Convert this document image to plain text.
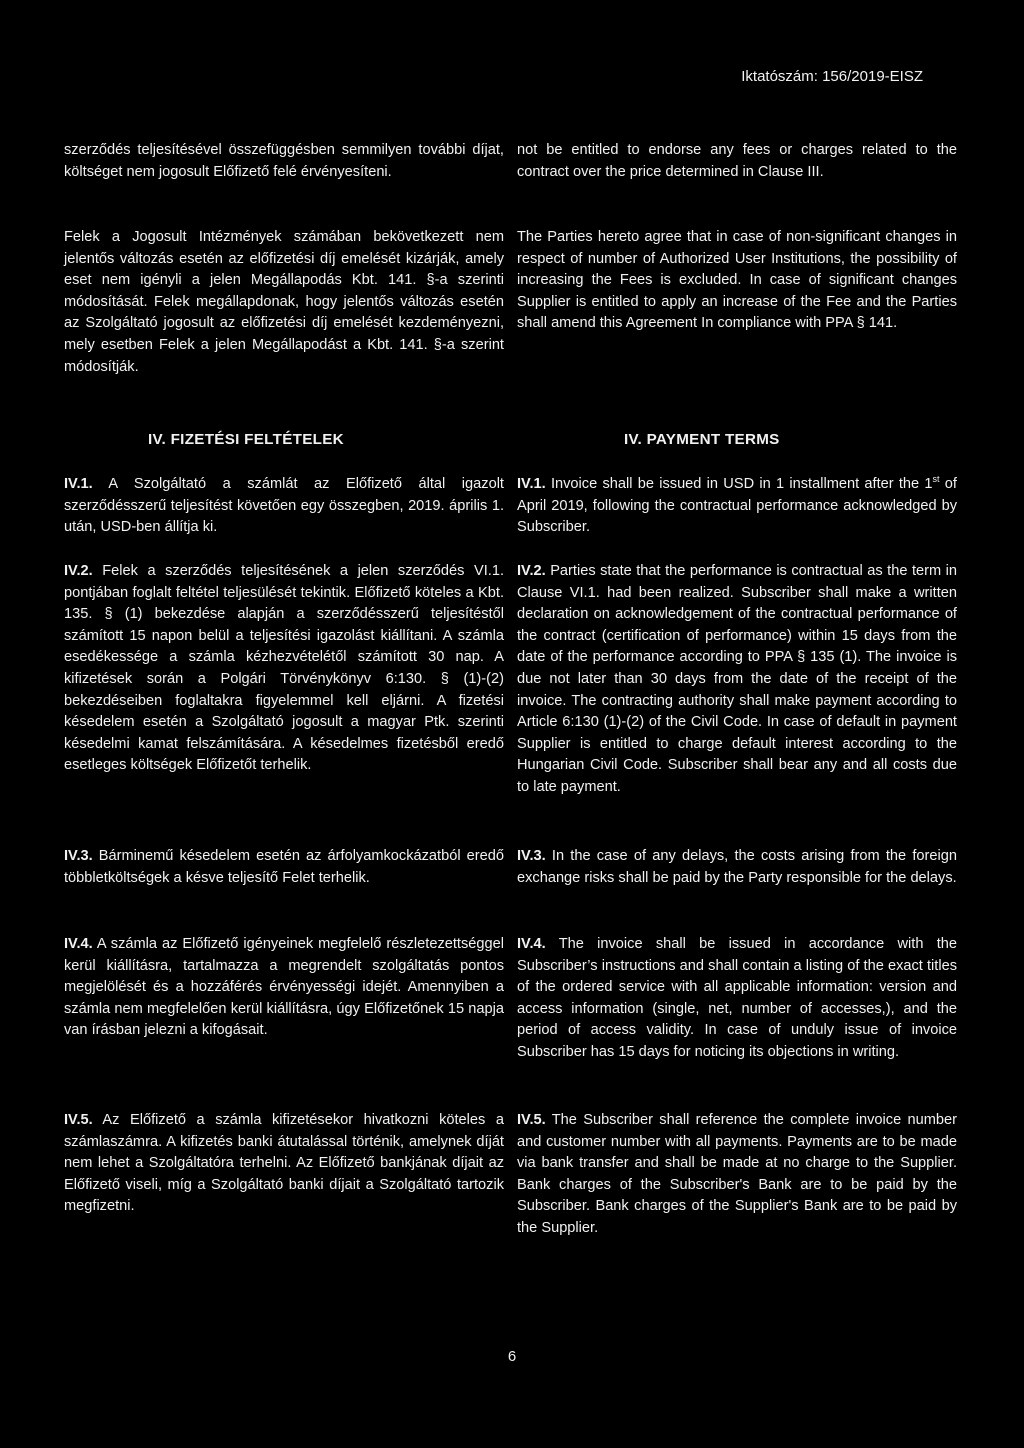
Iktatószám: 156/2019-EISZ

szerződés teljesítésével összefüggésben semmilyen további díjat, költséget nem jogosult Előfizető felé érvényesíteni.

Felek a Jogosult Intézmények számában bekövetkezett nem jelentős változás esetén az előfizetési díj emelését kizárják, amely eset nem igényli a jelen Megállapodás Kbt. 141. §-a szerinti módosítását. Felek megállapdonak, hogy jelentős változás esetén az Szolgáltató jogosult az előfizetési díj emelését kezdeményezni, mely esetben Felek a jelen Megállapodást a Kbt. 141. §-a szerint módosítják.

IV. FIZETÉSI FELTÉTELEK

IV.1. A Szolgáltató a számlát az Előfizető által igazolt szerződésszerű teljesítést követően egy összegben, 2019. április 1. után, USD-ben állítja ki.

IV.2. Felek a szerződés teljesítésének a jelen szerződés VI.1. pontjában foglalt feltétel teljesülését tekintik. Előfizető köteles a Kbt. 135. § (1) bekezdése alapján a szerződésszerű teljesítéstől számított 15 napon belül a teljesítési igazolást kiállítani. A számla esedékessége a számla kézhezvételétől számított 30 nap. A kifizetések során a Polgári Törvénykönyv 6:130. § (1)-(2) bekezdéseiben foglaltakra figyelemmel kell eljárni. A fizetési késedelem esetén a Szolgáltató jogosult a magyar Ptk. szerinti késedelmi kamat felszámítására. A késedelmes fizetésből eredő esetleges költségek Előfizetőt terhelik.

IV.3. Bárminemű késedelem esetén az árfolyamkockázatból eredő többletköltségek a késve teljesítő Felet terhelik.

IV.4. A számla az Előfizető igényeinek megfelelő részletezettséggel kerül kiállításra, tartalmazza a megrendelt szolgáltatás pontos megjelölését és a hozzáférés érvényességi idejét. Amennyiben a számla nem megfelelően kerül kiállításra, úgy Előfizetőnek 15 napja van írásban jelezni a kifogásait.

IV.5. Az Előfizető a számla kifizetésekor hivatkozni köteles a számlaszámra. A kifizetés banki átutalással történik, amelynek díját nem lehet a Szolgáltatóra terhelni. Az Előfizető bankjának díjait az Előfizető viseli, míg a Szolgáltató banki díjait a Szolgáltató tartozik megfizetni.

not be entitled to endorse any fees or charges related to the contract over the price determined in Clause III.

The Parties hereto agree that in case of non-significant changes in respect of number of Authorized User Institutions, the possibility of increasing the Fees is excluded. In case of significant changes Supplier is entitled to apply an increase of the Fee and the Parties shall amend this Agreement In compliance with PPA § 141.

IV. PAYMENT TERMS

IV.1. Invoice shall be issued in USD in 1 installment after the 1st of April 2019, following the contractual performance acknowledged by Subscriber.

IV.2. Parties state that the performance is contractual as the term in Clause VI.1. had been realized. Subscriber shall make a written declaration on acknowledgement of the contractual performance of the contract (certification of performance) within 15 days from the date of the performance according to PPA § 135 (1). The invoice is due not later than 30 days from the date of the receipt of the invoice. The contracting authority shall make payment according to Article 6:130 (1)-(2) of the Civil Code. In case of default in payment Supplier is entitled to charge default interest according to the Hungarian Civil Code. Subscriber shall bear any and all costs due to late payment.

IV.3. In the case of any delays, the costs arising from the foreign exchange risks shall be paid by the Party responsible for the delays.

IV.4. The invoice shall be issued in accordance with the Subscriber’s instructions and shall contain a listing of the exact titles of the ordered service with all applicable information: version and access information (single, net, number of accesses,), and the period of access validity. In case of unduly issue of invoice Subscriber has 15 days for noticing its objections in writing.

IV.5. The Subscriber shall reference the complete invoice number and customer number with all payments. Payments are to be made via bank transfer and shall be made at no charge to the Supplier. Bank charges of the Subscriber's Bank are to be paid by the Subscriber. Bank charges of the Supplier's Bank are to be paid by the Supplier.

6
